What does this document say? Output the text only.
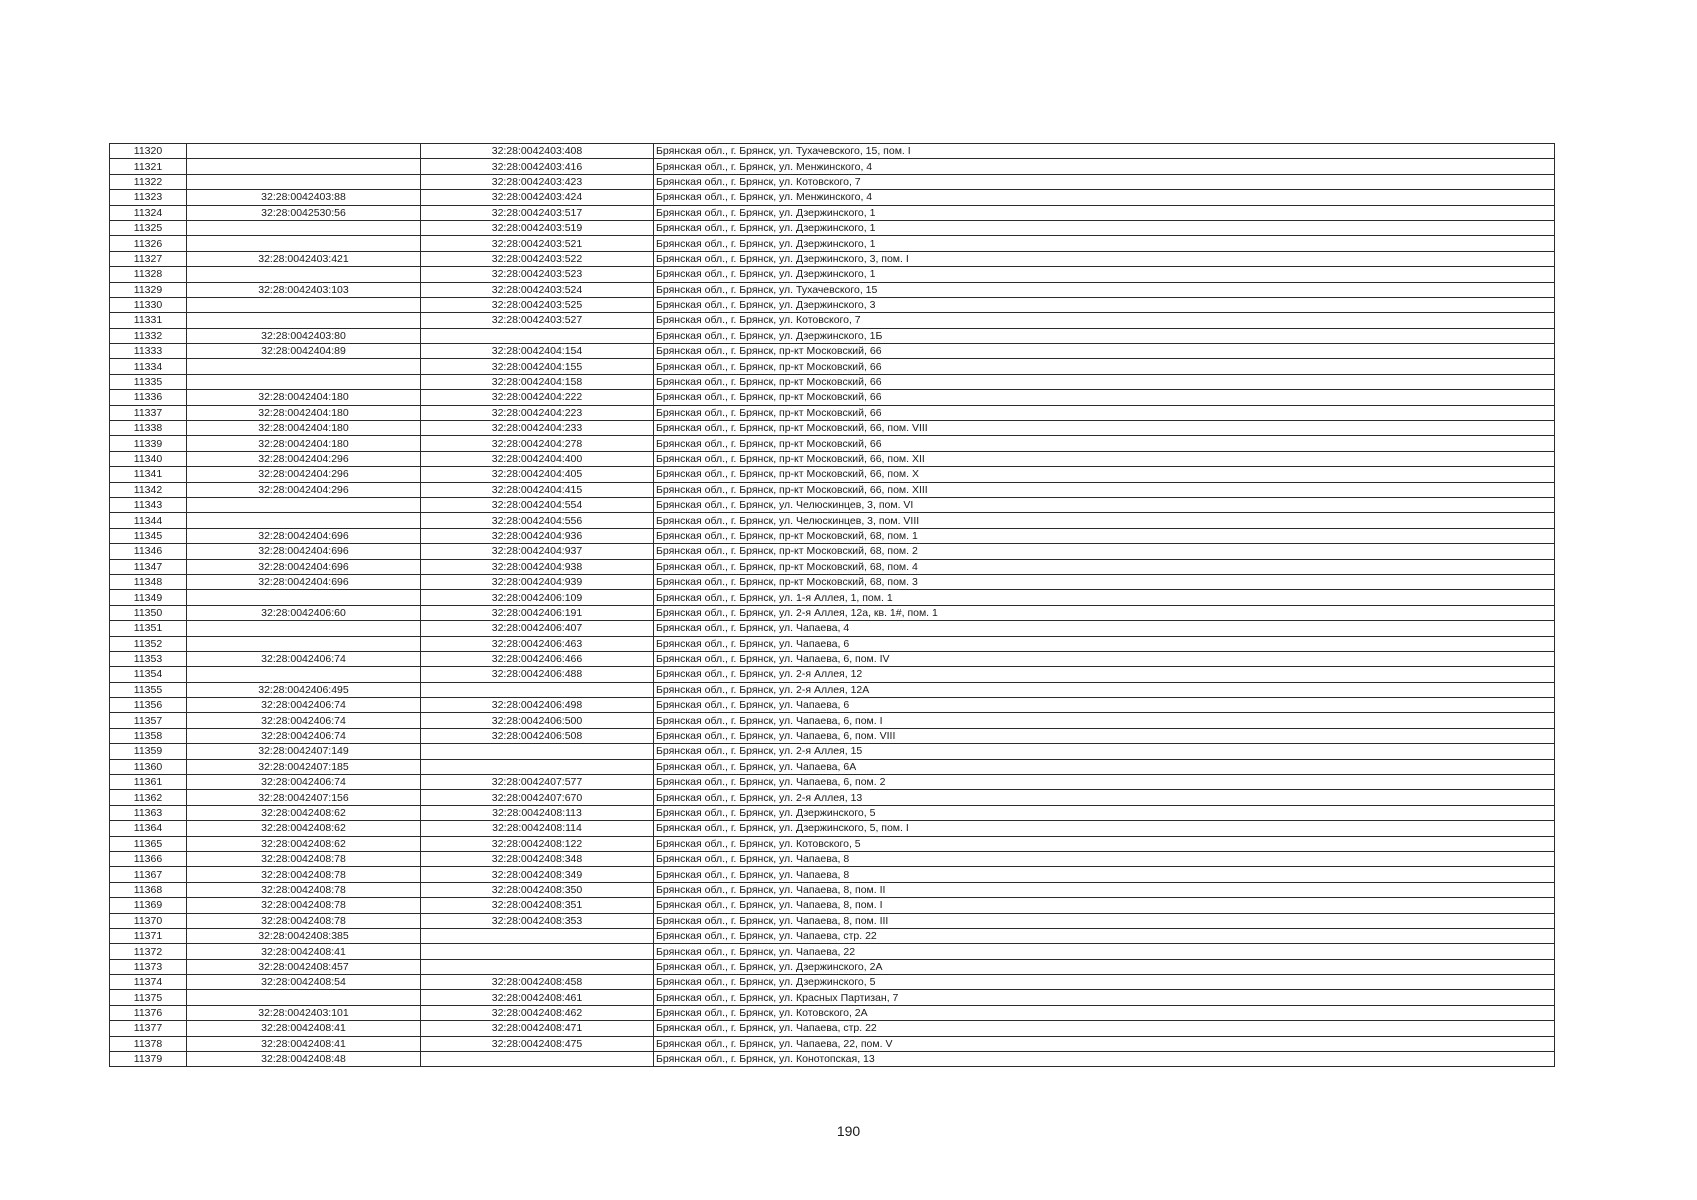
11320		32:28:0042403:408	Брянская обл., г. Брянск, ул. Тухачевского, 15, пом. I
11321		32:28:0042403:416	Брянская обл., г. Брянск, ул. Менжинского, 4
11322		32:28:0042403:423	Брянская обл., г. Брянск, ул. Котовского, 7
11323	32:28:0042403:88	32:28:0042403:424	Брянская обл., г. Брянск, ул. Менжинского, 4
11324	32:28:0042530:56	32:28:0042403:517	Брянская обл., г. Брянск, ул. Дзержинского, 1
11325		32:28:0042403:519	Брянская обл., г. Брянск, ул. Дзержинского, 1
11326		32:28:0042403:521	Брянская обл., г. Брянск, ул. Дзержинского, 1
11327	32:28:0042403:421	32:28:0042403:522	Брянская обл., г. Брянск, ул. Дзержинского, 3, пом. I
11328		32:28:0042403:523	Брянская обл., г. Брянск, ул. Дзержинского, 1
11329	32:28:0042403:103	32:28:0042403:524	Брянская обл., г. Брянск, ул. Тухачевского, 15
11330		32:28:0042403:525	Брянская обл., г. Брянск, ул. Дзержинского, 3
11331		32:28:0042403:527	Брянская обл., г. Брянск, ул. Котовского, 7
11332	32:28:0042403:80		Брянская обл., г. Брянск, ул. Дзержинского, 1Б
11333	32:28:0042404:89	32:28:0042404:154	Брянская обл., г. Брянск, пр-кт Московский, 66
11334		32:28:0042404:155	Брянская обл., г. Брянск, пр-кт Московский, 66
11335		32:28:0042404:158	Брянская обл., г. Брянск, пр-кт Московский, 66
11336	32:28:0042404:180	32:28:0042404:222	Брянская обл., г. Брянск, пр-кт Московский, 66
11337	32:28:0042404:180	32:28:0042404:223	Брянская обл., г. Брянск, пр-кт Московский, 66
11338	32:28:0042404:180	32:28:0042404:233	Брянская обл., г. Брянск, пр-кт Московский, 66, пом. VIII
11339	32:28:0042404:180	32:28:0042404:278	Брянская обл., г. Брянск, пр-кт Московский, 66
11340	32:28:0042404:296	32:28:0042404:400	Брянская обл., г. Брянск, пр-кт Московский, 66, пом. XII
11341	32:28:0042404:296	32:28:0042404:405	Брянская обл., г. Брянск, пр-кт Московский, 66, пом. X
11342	32:28:0042404:296	32:28:0042404:415	Брянская обл., г. Брянск, пр-кт Московский, 66, пом. XIII
11343		32:28:0042404:554	Брянская обл., г. Брянск, ул. Челюскинцев, 3, пом. VI
11344		32:28:0042404:556	Брянская обл., г. Брянск, ул. Челюскинцев, 3, пом. VIII
11345	32:28:0042404:696	32:28:0042404:936	Брянская обл., г. Брянск, пр-кт Московский, 68, пом. 1
11346	32:28:0042404:696	32:28:0042404:937	Брянская обл., г. Брянск, пр-кт Московский, 68, пом. 2
11347	32:28:0042404:696	32:28:0042404:938	Брянская обл., г. Брянск, пр-кт Московский, 68, пом. 4
11348	32:28:0042404:696	32:28:0042404:939	Брянская обл., г. Брянск, пр-кт Московский, 68, пом. 3
11349		32:28:0042406:109	Брянская обл., г. Брянск, ул. 1-я Аллея, 1, пом. 1
11350	32:28:0042406:60	32:28:0042406:191	Брянская обл., г. Брянск, ул. 2-я Аллея, 12а, кв. 1#, пом. 1
11351		32:28:0042406:407	Брянская обл., г. Брянск, ул. Чапаева, 4
11352		32:28:0042406:463	Брянская обл., г. Брянск, ул. Чапаева, 6
11353	32:28:0042406:74	32:28:0042406:466	Брянская обл., г. Брянск, ул. Чапаева, 6, пом. IV
11354		32:28:0042406:488	Брянская обл., г. Брянск, ул. 2-я Аллея, 12
11355	32:28:0042406:495		Брянская обл., г. Брянск, ул. 2-я Аллея, 12А
11356	32:28:0042406:74	32:28:0042406:498	Брянская обл., г. Брянск, ул. Чапаева, 6
11357	32:28:0042406:74	32:28:0042406:500	Брянская обл., г. Брянск, ул. Чапаева, 6, пом. I
11358	32:28:0042406:74	32:28:0042406:508	Брянская обл., г. Брянск, ул. Чапаева, 6, пом. VIII
11359	32:28:0042407:149		Брянская обл., г. Брянск, ул. 2-я Аллея, 15
11360	32:28:0042407:185		Брянская обл., г. Брянск, ул. Чапаева, 6А
11361	32:28:0042406:74	32:28:0042407:577	Брянская обл., г. Брянск, ул. Чапаева, 6, пом. 2
11362	32:28:0042407:156	32:28:0042407:670	Брянская обл., г. Брянск, ул. 2-я Аллея, 13
11363	32:28:0042408:62	32:28:0042408:113	Брянская обл., г. Брянск, ул. Дзержинского, 5
11364	32:28:0042408:62	32:28:0042408:114	Брянская обл., г. Брянск, ул. Дзержинского, 5, пом. I
11365	32:28:0042408:62	32:28:0042408:122	Брянская обл., г. Брянск, ул. Котовского, 5
11366	32:28:0042408:78	32:28:0042408:348	Брянская обл., г. Брянск, ул. Чапаева, 8
11367	32:28:0042408:78	32:28:0042408:349	Брянская обл., г. Брянск, ул. Чапаева, 8
11368	32:28:0042408:78	32:28:0042408:350	Брянская обл., г. Брянск, ул. Чапаева, 8, пом. II
11369	32:28:0042408:78	32:28:0042408:351	Брянская обл., г. Брянск, ул. Чапаева, 8, пом. I
11370	32:28:0042408:78	32:28:0042408:353	Брянская обл., г. Брянск, ул. Чапаева, 8, пом. III
11371	32:28:0042408:385		Брянская обл., г. Брянск, ул. Чапаева, стр. 22
11372	32:28:0042408:41		Брянская обл., г. Брянск, ул. Чапаева, 22
11373	32:28:0042408:457		Брянская обл., г. Брянск, ул. Дзержинского, 2А
11374	32:28:0042408:54	32:28:0042408:458	Брянская обл., г. Брянск, ул. Дзержинского, 5
11375		32:28:0042408:461	Брянская обл., г. Брянск, ул. Красных Партизан, 7
11376	32:28:0042403:101	32:28:0042408:462	Брянская обл., г. Брянск, ул. Котовского, 2А
11377	32:28:0042408:41	32:28:0042408:471	Брянская обл., г. Брянск, ул. Чапаева, стр. 22
11378	32:28:0042408:41	32:28:0042408:475	Брянская обл., г. Брянск, ул. Чапаева, 22, пом. V
11379	32:28:0042408:48		Брянская обл., г. Брянск, ул. Конотопская, 13
190
